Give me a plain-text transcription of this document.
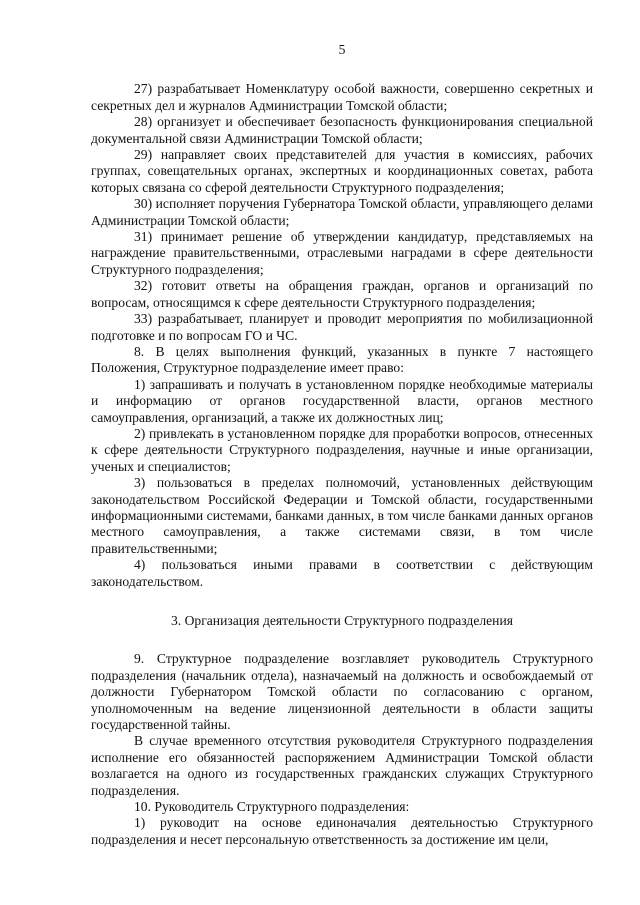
5

27) разрабатывает Номенклатуру особой важности, совершенно секретных и секретных дел и журналов Администрации Томской области;

28) организует и обеспечивает безопасность функционирования специальной документальной связи Администрации Томской области;

29) направляет своих представителей для участия в комиссиях, рабочих группах, совещательных органах, экспертных и координационных советах, работа которых связана со сферой деятельности Структурного подразделения;

30) исполняет поручения Губернатора Томской области, управляющего делами Администрации Томской области;

31) принимает решение об утверждении кандидатур, представляемых на награждение правительственными, отраслевыми наградами в сфере деятельности Структурного подразделения;

32) готовит ответы на обращения граждан, органов и организаций по вопросам, относящимся к сфере деятельности Структурного подразделения;

33) разрабатывает, планирует и проводит мероприятия по мобилизационной подготовке и по вопросам ГО и ЧС.

8. В целях выполнения функций, указанных в пункте 7 настоящего Положения, Структурное подразделение имеет право:

1) запрашивать и получать в установленном порядке необходимые материалы и информацию от органов государственной власти, органов местного самоуправления, организаций, а также их должностных лиц;

2) привлекать в установленном порядке для проработки вопросов, отнесенных к сфере деятельности Структурного подразделения, научные и иные организации, ученых и специалистов;

3) пользоваться в пределах полномочий, установленных действующим законодательством Российской Федерации и Томской области, государственными информационными системами, банками данных, в том числе банками данных органов местного самоуправления, а также системами связи, в том числе правительственными;

4) пользоваться иными правами в соответствии с действующим законодательством.

3. Организация деятельности Структурного подразделения

9. Структурное подразделение возглавляет руководитель Структурного подразделения (начальник отдела), назначаемый на должность и освобождаемый от должности Губернатором Томской области по согласованию с органом, уполномоченным на ведение лицензионной деятельности в области защиты государственной тайны.

В случае временного отсутствия руководителя Структурного подразделения исполнение его обязанностей распоряжением Администрации Томской области возлагается на одного из государственных гражданских служащих Структурного подразделения.

10. Руководитель Структурного подразделения:

1) руководит на основе единоначалия деятельностью Структурного подразделения и несет персональную ответственность за достижение им цели,
